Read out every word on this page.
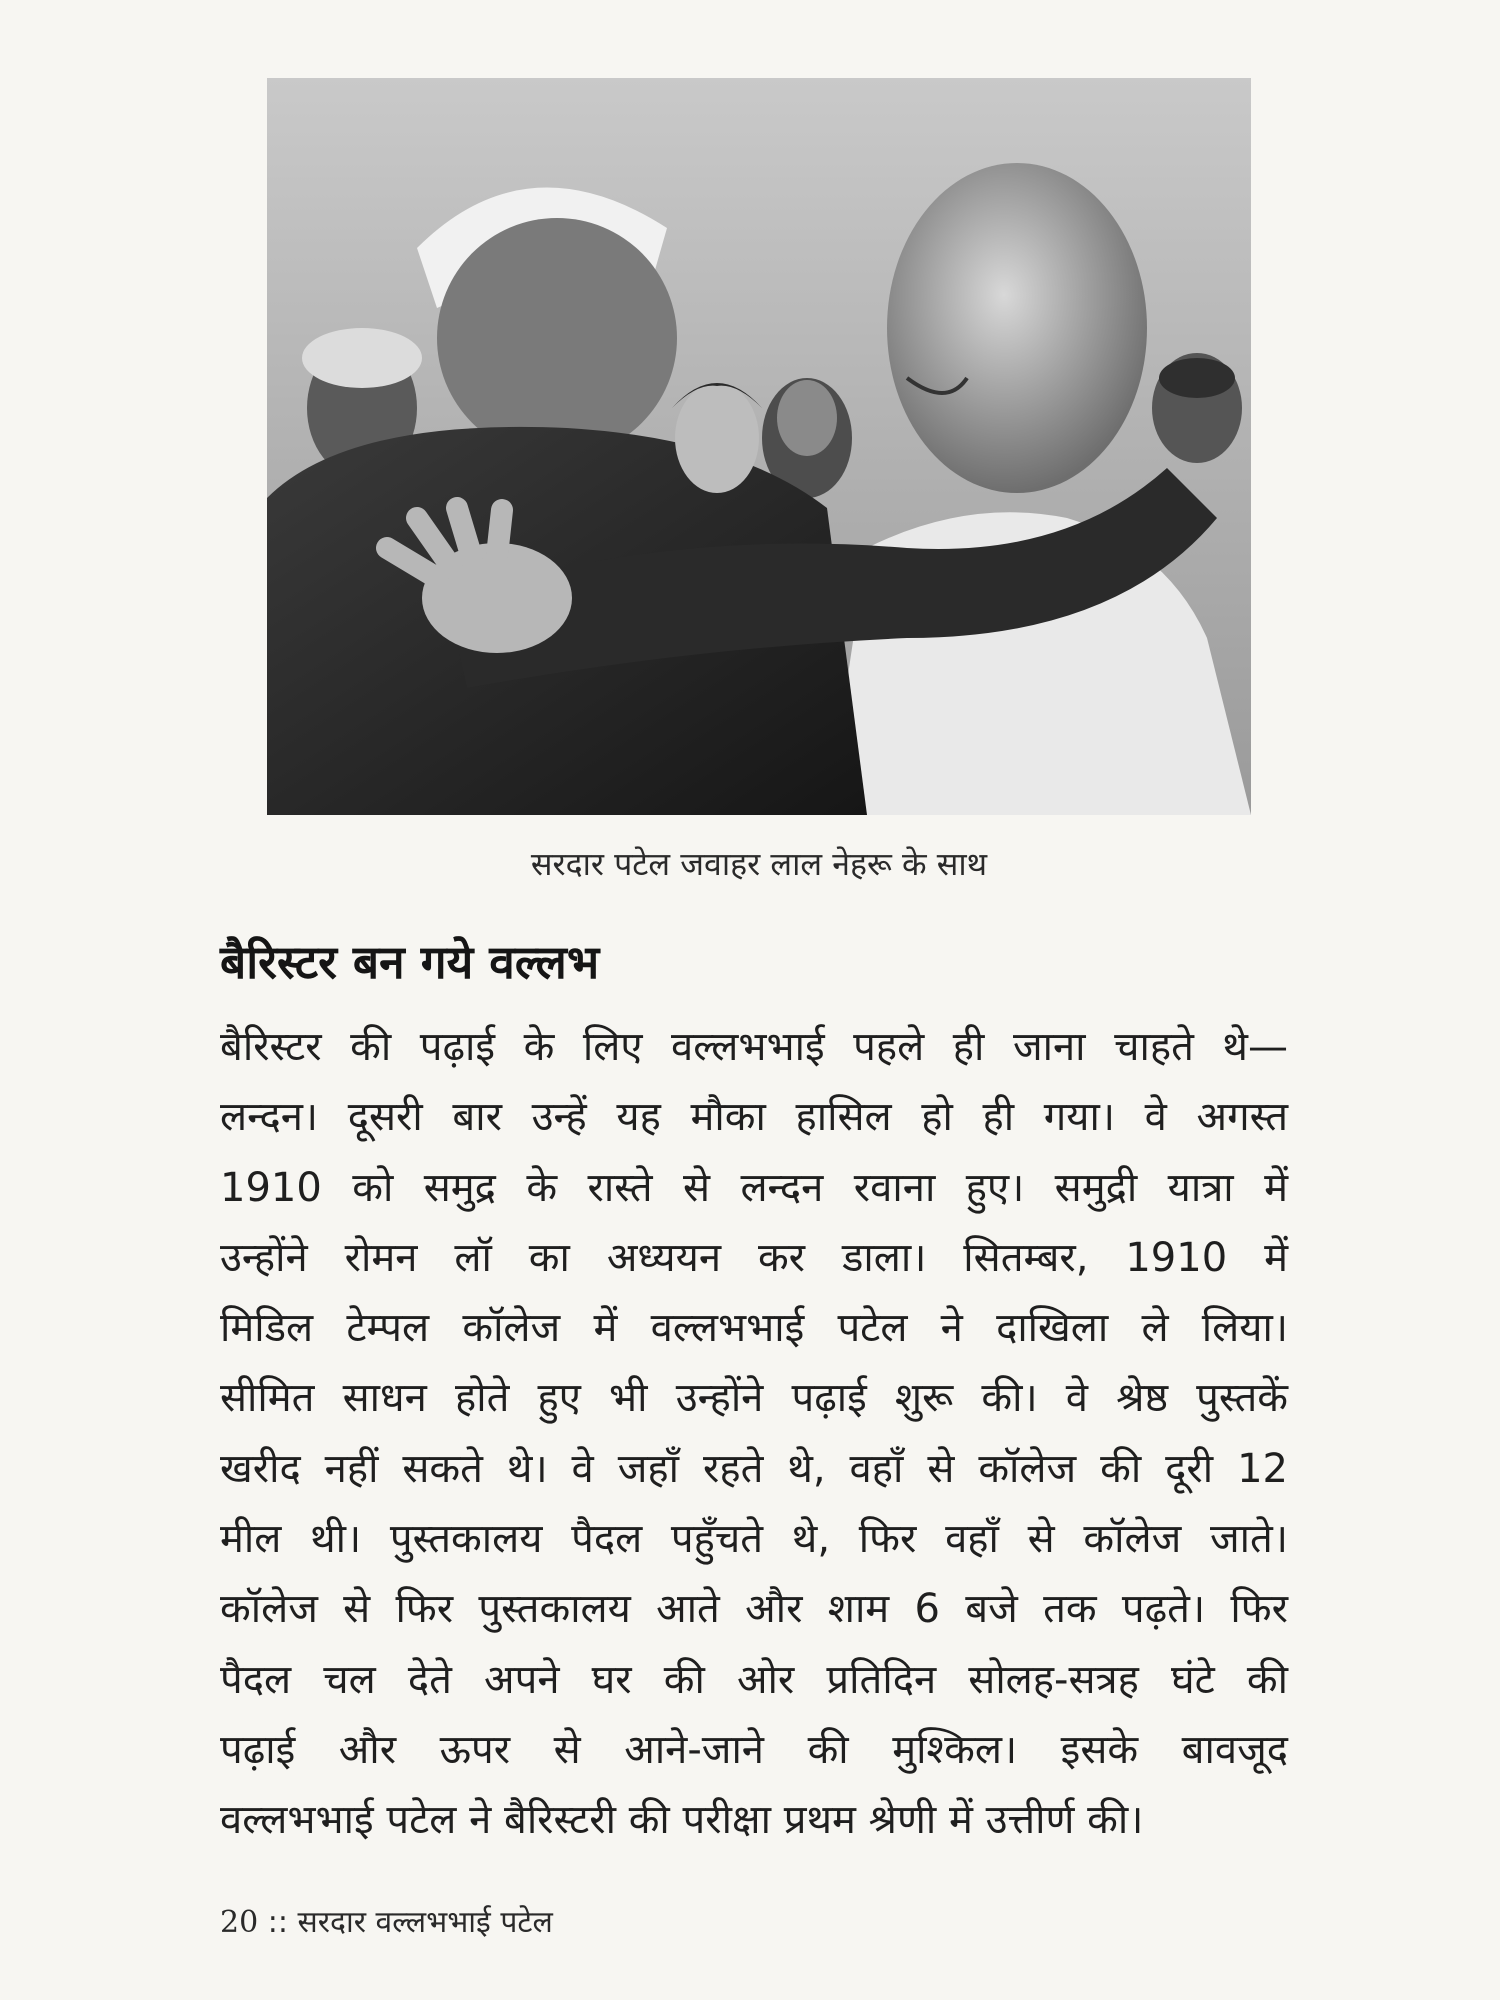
सरदार पटेल जवाहर लाल नेहरू के साथ
बैरिस्टर बन गये वल्लभ
बैरिस्टर की पढ़ाई के लिए वल्लभभाई पहले ही जाना चाहते थे—
लन्दन। दूसरी बार उन्हें यह मौका हासिल हो ही गया। वे अगस्त
1910 को समुद्र के रास्ते से लन्दन रवाना हुए। समुद्री यात्रा में
उन्होंने रोमन लॉ का अध्ययन कर डाला। सितम्बर, 1910 में
मिडिल टेम्पल कॉलेज में वल्लभभाई पटेल ने दाखिला ले लिया।
सीमित साधन होते हुए भी उन्होंने पढ़ाई शुरू की। वे श्रेष्ठ पुस्तकें
खरीद नहीं सकते थे। वे जहाँ रहते थे, वहाँ से कॉलेज की दूरी 12
मील थी। पुस्तकालय पैदल पहुँचते थे, फिर वहाँ से कॉलेज जाते।
कॉलेज से फिर पुस्तकालय आते और शाम 6 बजे तक पढ़ते। फिर
पैदल चल देते अपने घर की ओर प्रतिदिन सोलह-सत्रह घंटे की
पढ़ाई और ऊपर से आने-जाने की मुश्किल। इसके बावजूद
वल्लभभाई पटेल ने बैरिस्टरी की परीक्षा प्रथम श्रेणी में उत्तीर्ण की।
20 :: सरदार वल्लभभाई पटेल
